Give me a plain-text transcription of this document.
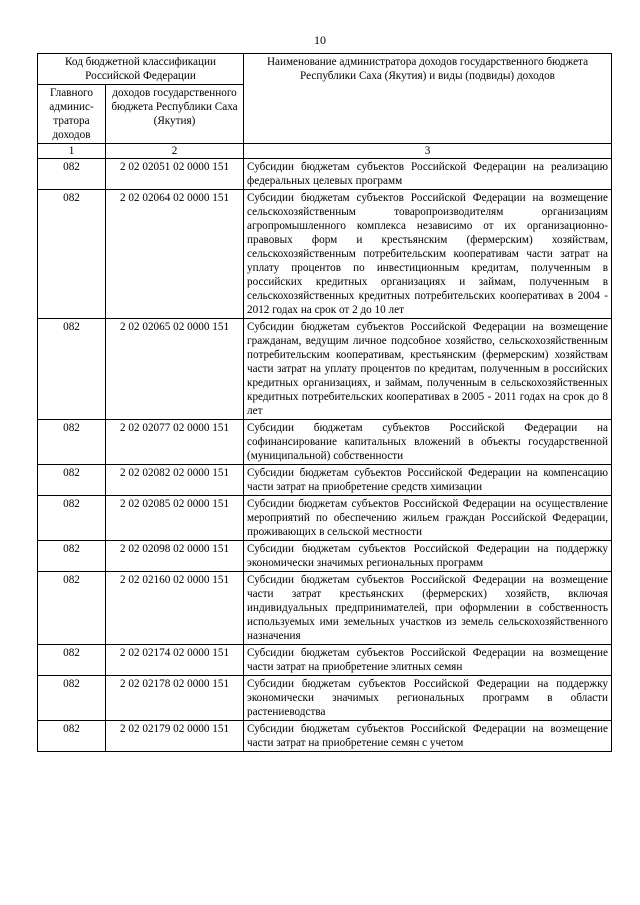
10
Код бюджетной классификации Российской Федерации		Наименование администратора доходов государственного бюджета Республики Саха (Якутия) и виды (подвиды) доходов
Главного админис-тратора доходов	доходов государственного бюджета Республики Саха (Якутия)	
1	2	3
082	2 02 02051 02 0000 151	Субсидии бюджетам субъектов Российской Федерации на реализацию федеральных целевых программ
082	2 02 02064 02 0000 151	Субсидии бюджетам субъектов Российской Федерации на возмещение сельскохозяйственным товаропроизводителям организациям агропромышленного комплекса независимо от их организационно-правовых форм и крестьянским (фермерским) хозяйствам, сельскохозяйственным потребительским кооперативам части затрат на уплату процентов по инвестиционным кредитам, полученным в российских кредитных организациях и займам, полученным в сельскохозяйственных кредитных потребительских кооперативах в 2004 - 2012 годах на срок от 2 до 10 лет
082	2 02 02065 02 0000 151	Субсидии бюджетам субъектов Российской Федерации на возмещение гражданам, ведущим личное подсобное хозяйство, сельскохозяйственным потребительским кооперативам, крестьянским (фермерским) хозяйствам части затрат на уплату процентов по кредитам, полученным в российских кредитных организациях, и займам, полученным в сельскохозяйственных кредитных потребительских кооперативах в 2005 - 2011 годах на срок до 8 лет
082	2 02 02077 02 0000 151	Субсидии бюджетам субъектов Российской Федерации на софинансирование капитальных вложений в объекты государственной (муниципальной) собственности
082	2 02 02082 02 0000 151	Субсидии бюджетам субъектов Российской Федерации на компенсацию части затрат на приобретение средств химизации
082	2 02 02085 02 0000 151	Субсидии бюджетам субъектов Российской Федерации на осуществление мероприятий по обеспечению жильем граждан Российской Федерации, проживающих в сельской местности
082	2 02 02098 02 0000 151	Субсидии бюджетам субъектов Российской Федерации на поддержку экономически значимых региональных программ
082	2 02 02160 02 0000 151	Субсидии бюджетам субъектов Российской Федерации на возмещение части затрат крестьянских (фермерских) хозяйств, включая индивидуальных предпринимателей, при оформлении в собственность используемых ими земельных участков из земель сельскохозяйственного назначения
082	2 02 02174 02 0000 151	Субсидии бюджетам субъектов Российской Федерации на возмещение части затрат на приобретение элитных семян
082	2 02 02178 02 0000 151	Субсидии бюджетам субъектов Российской Федерации на поддержку экономически значимых региональных программ в области растениеводства
082	2 02 02179 02 0000 151	Субсидии бюджетам субъектов Российской Федерации на возмещение части затрат на приобретение семян с учетом
